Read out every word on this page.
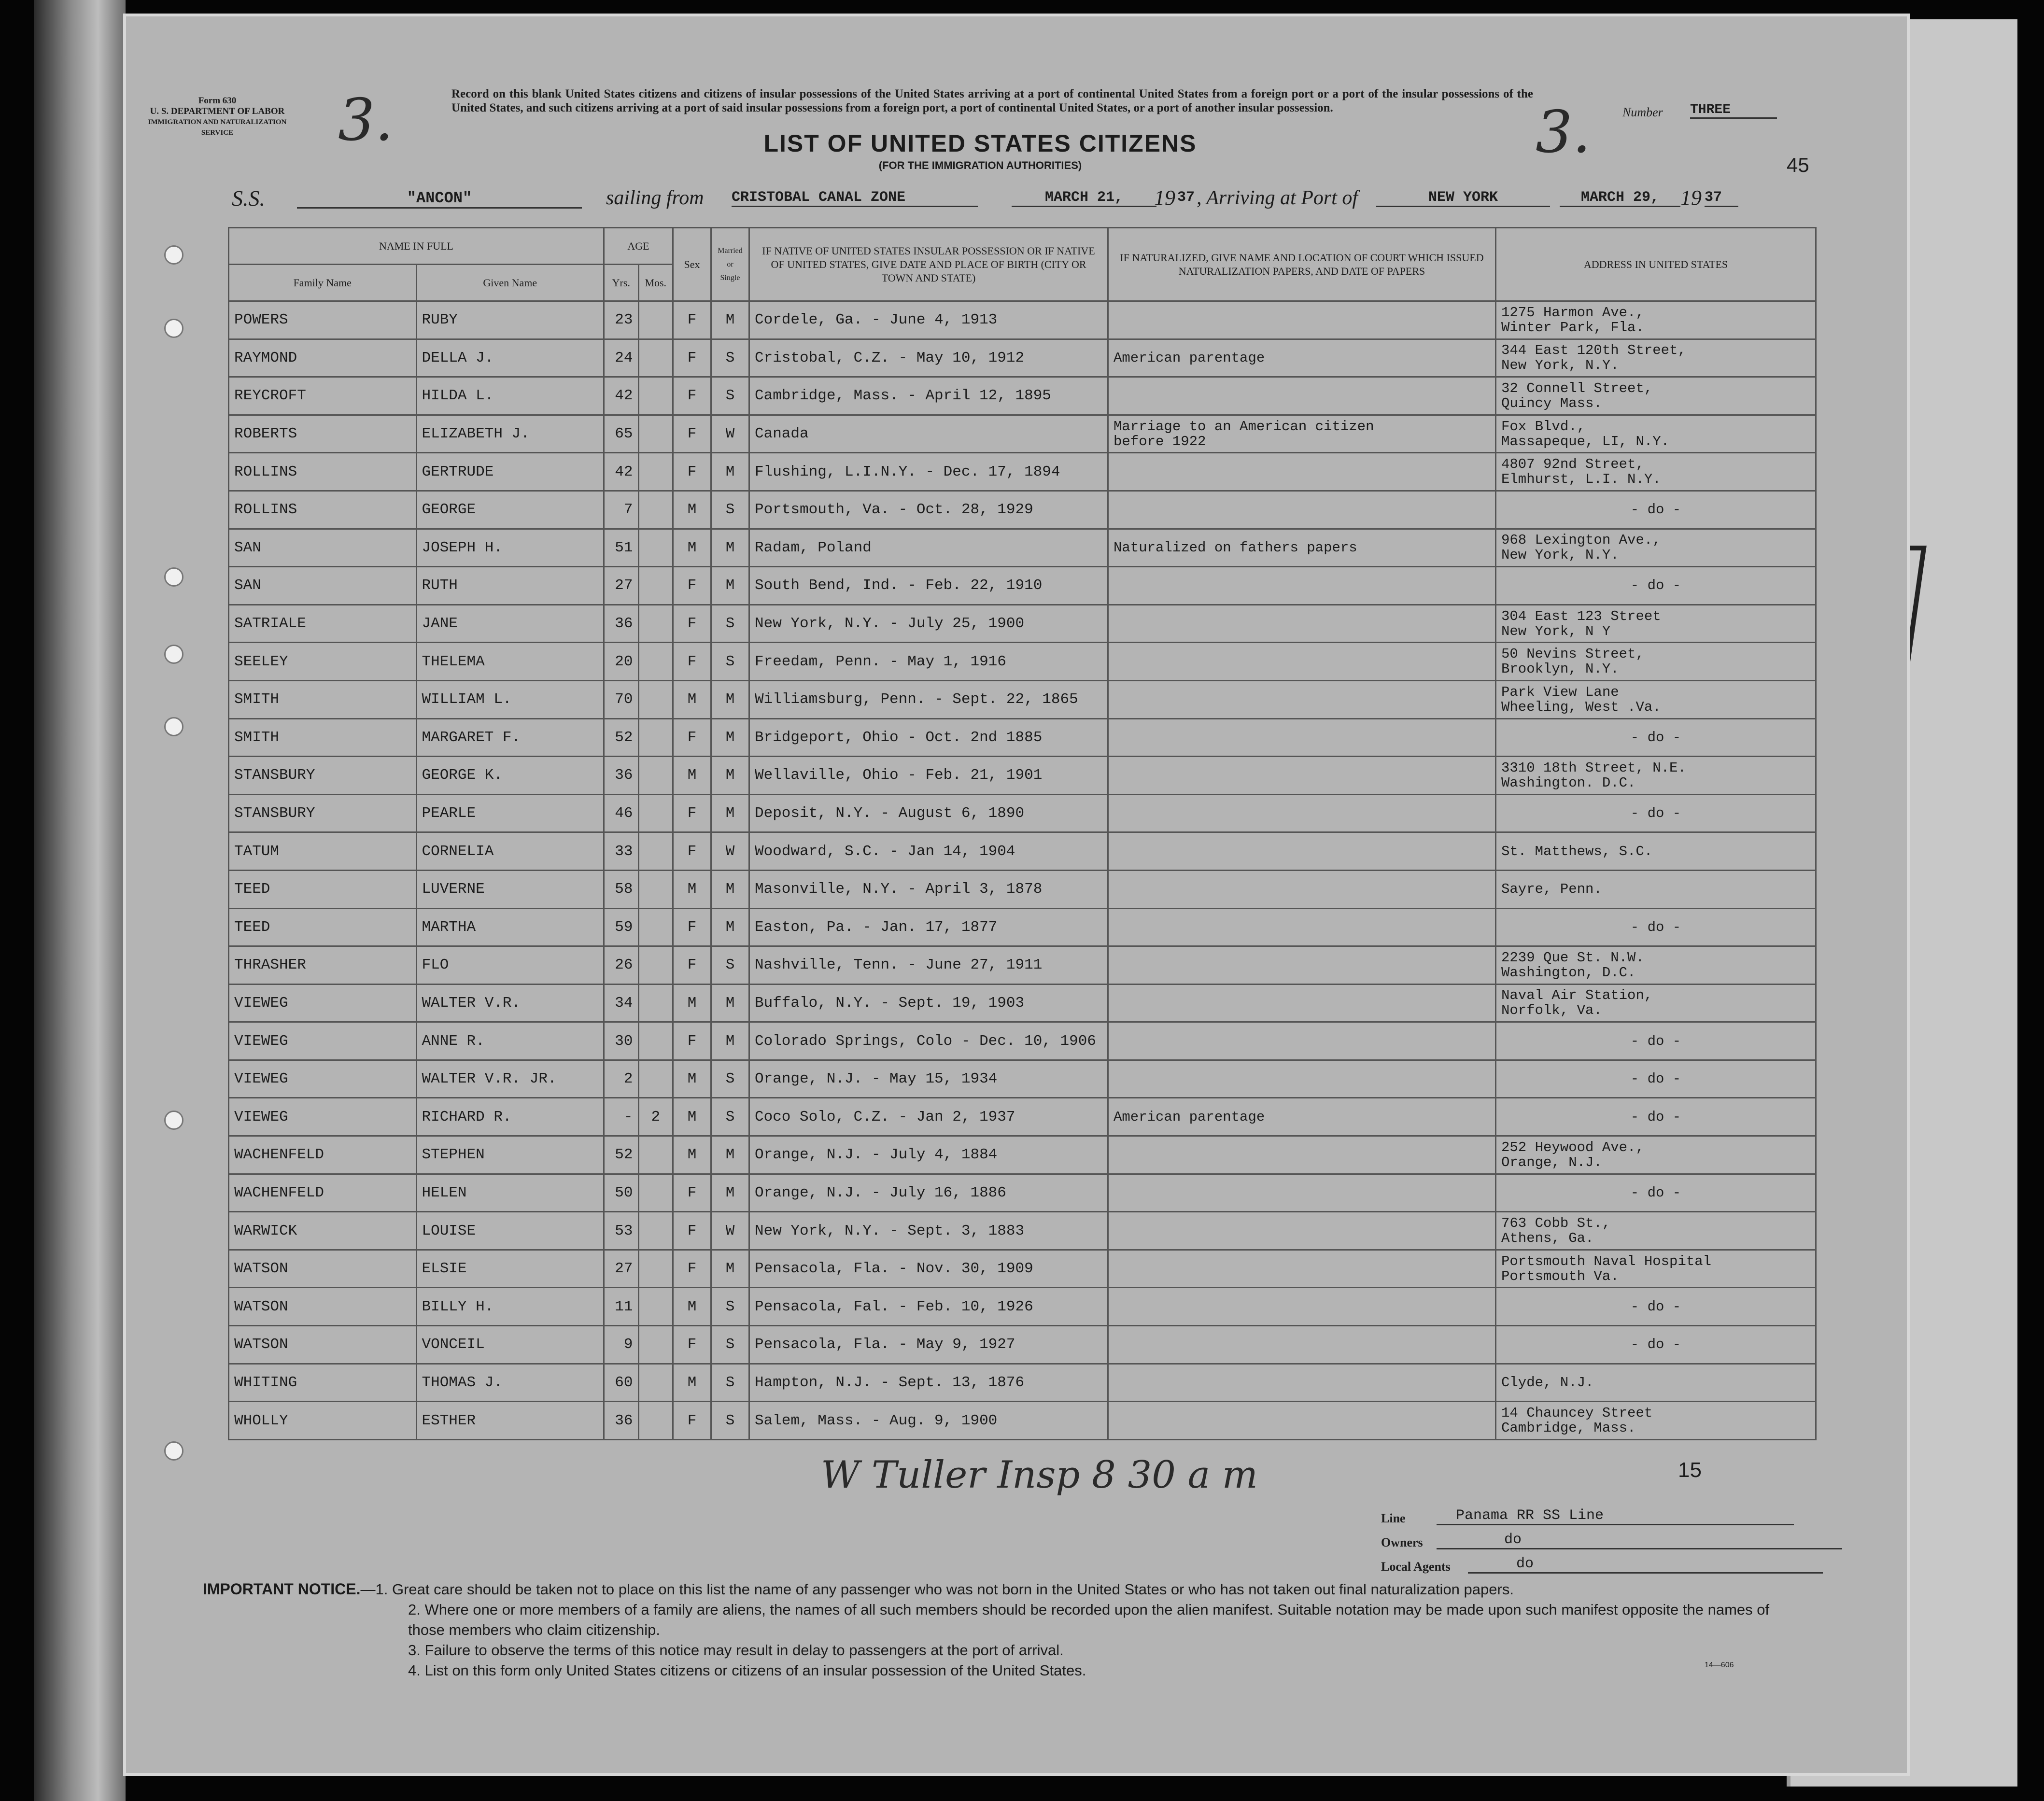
Form 630
U. S. DEPARTMENT OF LABOR
IMMIGRATION AND NATURALIZATION SERVICE	3.	Record on this blank United States citizens and citizens of insular possessions of the United States arriving at a port of continental United States from a foreign port or a port of the insular possessions of the United States, and such citizens arriving at a port of said insular possessions from a foreign port, a port of continental United States, or a port of another insular possession.
LIST OF UNITED STATES CITIZENS
(FOR THE IMMIGRATION AUTHORITIES)	3.	Number THREE
45
S.S.	"ANCON"	sailing from CRISTOBAL CANAL ZONE	MARCH 21,	19 37 , Arriving at Port of	NEW YORK	MARCH 29, 19 37
	NAME IN FULL		AGE		Sex	Married or Single	IF NATIVE OF UNITED STATES INSULAR POSSESSION OR IF NATIVE OF UNITED STATES, GIVE DATE AND PLACE OF BIRTH (CITY OR TOWN AND STATE)	IF NATURALIZED, GIVE NAME AND LOCATION OF COURT WHICH ISSUED NATURALIZATION PAPERS, AND DATE OF PAPERS	ADDRESS IN UNITED STATES
Family Name	Given Name	Yrs.	Mos.					
	POWERS	RUBY	23		F	M	Cordele, Ga. - June 4, 1913		1275 Harmon Ave.,
Winter Park, Fla.
	RAYMOND	DELLA J.	24		F	S	Cristobal, C.Z. - May 10, 1912	American parentage	344 East 120th Street,
New York, N.Y.
	REYCROFT	HILDA L.	42		F	S	Cambridge, Mass. - April 12, 1895		32 Connell Street,
Quincy Mass.
	ROBERTS	ELIZABETH J.	65		F	W	Canada	Marriage to an American citizen
before 1922	Fox Blvd.,
Massapeque, LI, N.Y.
	ROLLINS	GERTRUDE	42		F	M	Flushing, L.I.N.Y. - Dec. 17, 1894		4807 92nd Street,
Elmhurst, L.I. N.Y.
	ROLLINS	GEORGE	7		M	S	Portsmouth, Va. - Oct. 28, 1929		- do -
	SAN	JOSEPH H.	51		M	M	Radam, Poland	Naturalized on fathers papers	968 Lexington Ave.,
New York, N.Y.
	SAN	RUTH	27		F	M	South Bend, Ind. - Feb. 22, 1910		- do -
	SATRIALE	JANE	36		F	S	New York, N.Y. - July 25, 1900		304 East 123 Street
New York, N Y
	SEELEY	THELEMA	20		F	S	Freedam, Penn. - May 1, 1916		50 Nevins Street,
Brooklyn, N.Y.
	SMITH	WILLIAM L.	70		M	M	Williamsburg, Penn. - Sept. 22, 1865		Park View Lane
Wheeling, West .Va.
	SMITH	MARGARET F.	52		F	M	Bridgeport, Ohio - Oct. 2nd 1885		- do -
	STANSBURY	GEORGE K.	36		M	M	Wellaville, Ohio - Feb. 21, 1901		3310 18th Street, N.E.
Washington. D.C.
	STANSBURY	PEARLE	46		F	M	Deposit, N.Y. - August 6, 1890		- do -
	TATUM	CORNELIA	33		F	W	Woodward, S.C. - Jan 14, 1904		St. Matthews, S.C.
	TEED	LUVERNE	58		M	M	Masonville, N.Y. - April 3, 1878		Sayre, Penn.
	TEED	MARTHA	59		F	M	Easton, Pa. - Jan. 17, 1877		- do -
	THRASHER	FLO	26		F	S	Nashville, Tenn. - June 27, 1911		2239 Que St. N.W.
Washington, D.C.
	VIEWEG	WALTER V.R.	34		M	M	Buffalo, N.Y. - Sept. 19, 1903		Naval Air Station,
Norfolk, Va.
	VIEWEG	ANNE R.	30		F	M	Colorado Springs, Colo - Dec. 10, 1906		- do -
	VIEWEG	WALTER V.R. JR.	2		M	S	Orange, N.J. - May 15, 1934		- do -
	VIEWEG	RICHARD R.	-	2	M	S	Coco Solo, C.Z. - Jan 2, 1937	American parentage	- do -
	WACHENFELD	STEPHEN	52		M	M	Orange, N.J. - July 4, 1884		252 Heywood Ave.,
Orange, N.J.
	WACHENFELD	HELEN	50		F	M	Orange, N.J. - July 16, 1886		- do -
	WARWICK	LOUISE	53		F	W	New York, N.Y. - Sept. 3, 1883		763 Cobb St.,
Athens, Ga.
	WATSON	ELSIE	27		F	M	Pensacola, Fla. - Nov. 30, 1909		Portsmouth Naval Hospital
Portsmouth Va.
	WATSON	BILLY H.	11		M	S	Pensacola, Fal. - Feb. 10, 1926		- do -
	WATSON	VONCEIL	9		F	S	Pensacola, Fla. - May 9, 1927		- do -
	WHITING	THOMAS J.	60		M	S	Hampton, N.J. - Sept. 13, 1876		Clyde, N.J.
	WHOLLY	ESTHER	36		F	S	Salem, Mass. - Aug. 9, 1900		14 Chauncey Street
Cambridge, Mass.
W Tuller Insp 8 30 a m	15
Line	Panama RR SS Line
Owners	do
Local Agents	do
IMPORTANT NOTICE.—1. Great care should be taken not to place on this list the name of any passenger who was not born in the United States or who has not taken out final naturalization papers.
2. Where one or more members of a family are aliens, the names of all such members should be recorded upon the alien manifest. Suitable notation may be made upon such manifest opposite the names of those members who claim citizenship.
3. Failure to observe the terms of this notice may result in delay to passengers at the port of arrival.
4. List on this form only United States citizens or citizens of an insular possession of the United States.	14—606
